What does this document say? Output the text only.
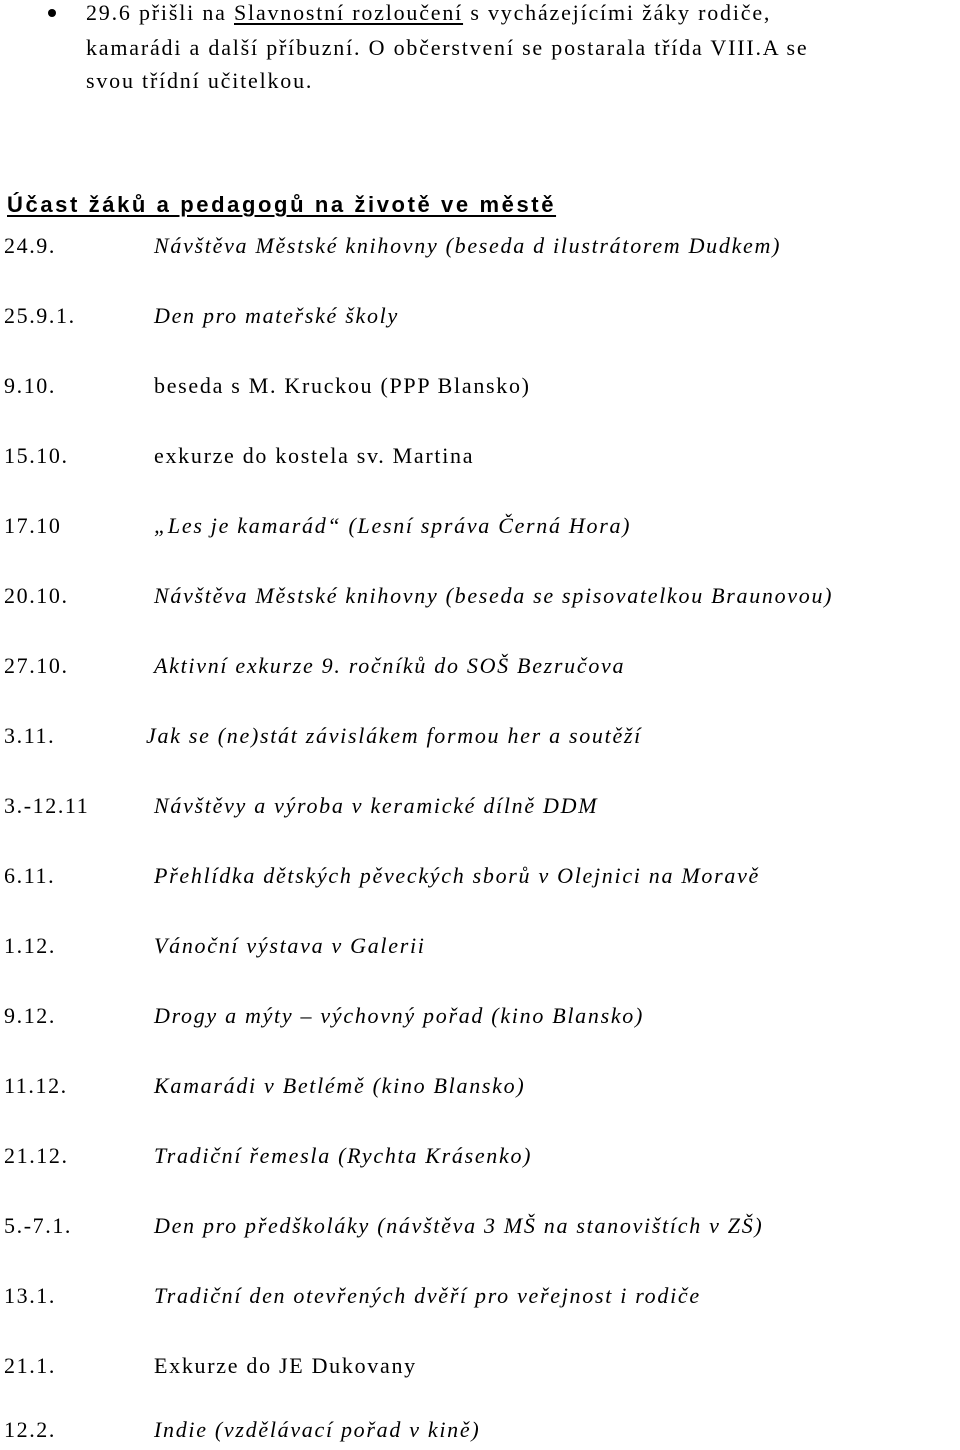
29.6 přišli na Slavnostní rozloučení s vycházejícími žáky rodiče,
kamarádi a další příbuzní. O občerstvení se postarala třída VIII.A se
svou třídní učitelkou.
Účast žáků a pedagogů na životě ve městě
24.9.	Návštěva Městské knihovny (beseda d ilustrátorem Dudkem)
25.9.1.	Den pro mateřské školy
9.10.	beseda s M. Kruckou (PPP Blansko)
15.10.	exkurze do kostela sv. Martina
17.10	„Les je kamarád“ (Lesní správa Černá Hora)
20.10.	Návštěva Městské knihovny (beseda se spisovatelkou Braunovou)
27.10.	Aktivní exkurze 9. ročníků do SOŠ Bezručova
3.11.	Jak se (ne)stát závislákem formou her a soutěží
3.-12.11	Návštěvy a výroba v keramické dílně DDM
6.11.	Přehlídka dětských pěveckých sborů v Olejnici na Moravě
1.12.	Vánoční výstava v Galerii
9.12.	Drogy a mýty – výchovný pořad (kino Blansko)
11.12.	Kamarádi v Betlémě (kino Blansko)
21.12.	Tradiční řemesla (Rychta Krásenko)
5.-7.1.	Den pro předškoláky (návštěva 3 MŠ na stanovištích v ZŠ)
13.1.	Tradiční den otevřených dvěří pro veřejnost i rodiče
21.1.	Exkurze do JE Dukovany
12.2.	Indie (vzdělávací pořad v kině)
